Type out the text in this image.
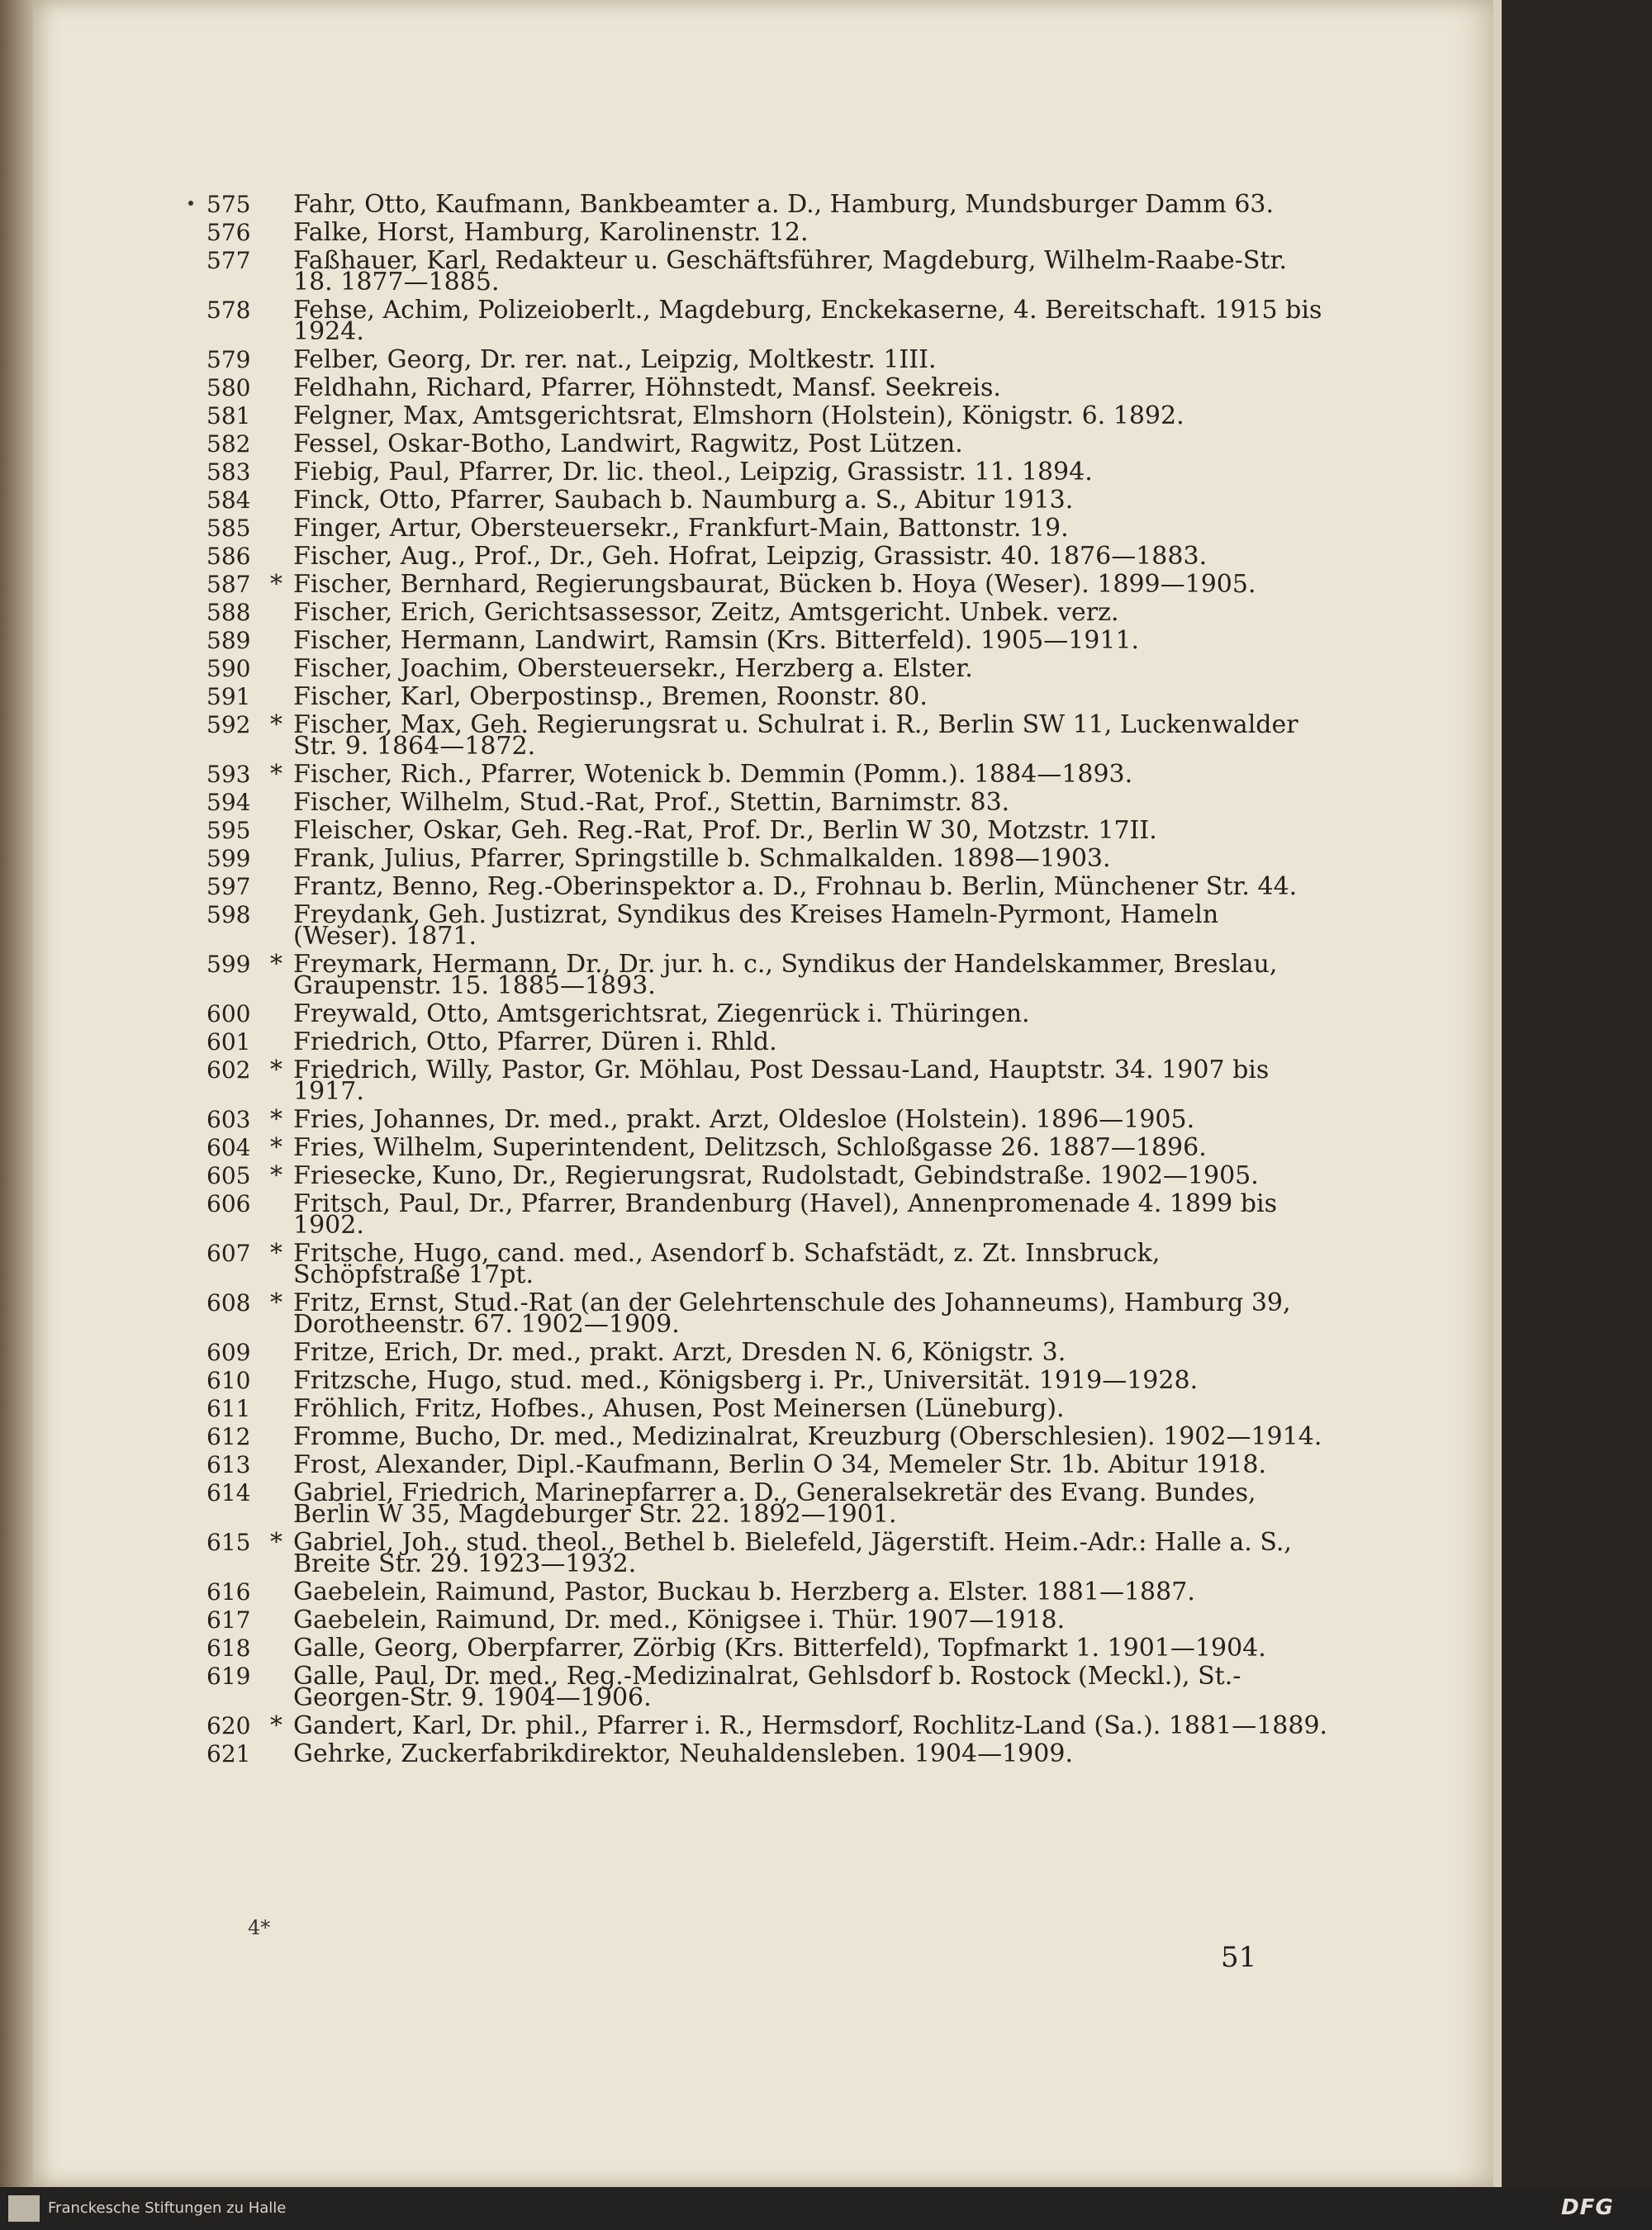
575	Fahr, Otto, Kaufmann, Bankbeamter a. D., Hamburg, Mundsburger Damm 63.
576	Falke, Horst, Hamburg, Karolinenstr. 12.
577	Faßhauer, Karl, Redakteur u. Geschäftsführer, Magdeburg, Wilhelm-Raabe-Str. 18. 1877—1885.
578	Fehse, Achim, Polizeioberlt., Magdeburg, Enckekaserne, 4. Bereitschaft. 1915 bis 1924.
579	Felber, Georg, Dr. rer. nat., Leipzig, Moltkestr. 1III.
580	Feldhahn, Richard, Pfarrer, Höhnstedt, Mansf. Seekreis.
581	Felgner, Max, Amtsgerichtsrat, Elmshorn (Holstein), Königstr. 6. 1892.
582	Fessel, Oskar-Botho, Landwirt, Ragwitz, Post Lützen.
583	Fiebig, Paul, Pfarrer, Dr. lic. theol., Leipzig, Grassistr. 11. 1894.
584	Finck, Otto, Pfarrer, Saubach b. Naumburg a. S., Abitur 1913.
585	Finger, Artur, Obersteuersekr., Frankfurt-Main, Battonstr. 19.
586	Fischer, Aug., Prof., Dr., Geh. Hofrat, Leipzig, Grassistr. 40. 1876—1883.
587 * Fischer, Bernhard, Regierungsbaurat, Bücken b. Hoya (Weser). 1899—1905.
588	Fischer, Erich, Gerichtsassessor, Zeitz, Amtsgericht. Unbek. verz.
589	Fischer, Hermann, Landwirt, Ramsin (Krs. Bitterfeld). 1905—1911.
590	Fischer, Joachim, Obersteuersekr., Herzberg a. Elster.
591	Fischer, Karl, Oberpostinsp., Bremen, Roonstr. 80.
592 * Fischer, Max, Geh. Regierungsrat u. Schulrat i. R., Berlin SW 11, Luckenwalder Str. 9. 1864—1872.
593 * Fischer, Rich., Pfarrer, Wotenick b. Demmin (Pomm.). 1884—1893.
594	Fischer, Wilhelm, Stud.-Rat, Prof., Stettin, Barnimstr. 83.
595	Fleischer, Oskar, Geh. Reg.-Rat, Prof. Dr., Berlin W 30, Motzstr. 17II.
599	Frank, Julius, Pfarrer, Springstille b. Schmalkalden. 1898—1903.
597	Frantz, Benno, Reg.-Oberinspektor a. D., Frohnau b. Berlin, Münchener Str. 44.
598	Freydank, Geh. Justizrat, Syndikus des Kreises Hameln-Pyrmont, Hameln (Weser). 1871.
599 * Freymark, Hermann, Dr., Dr. jur. h. c., Syndikus der Handelskammer, Breslau, Graupenstr. 15. 1885—1893.
600	Freywald, Otto, Amtsgerichtsrat, Ziegenrück i. Thüringen.
601	Friedrich, Otto, Pfarrer, Düren i. Rhld.
602 * Friedrich, Willy, Pastor, Gr. Möhlau, Post Dessau-Land, Hauptstr. 34. 1907 bis 1917.
603 * Fries, Johannes, Dr. med., prakt. Arzt, Oldesloe (Holstein). 1896—1905.
604 * Fries, Wilhelm, Superintendent, Delitzsch, Schloßgasse 26. 1887—1896.
605 * Friesecke, Kuno, Dr., Regierungsrat, Rudolstadt, Gebindstraße. 1902—1905.
606	Fritsch, Paul, Dr., Pfarrer, Brandenburg (Havel), Annenpromenade 4. 1899 bis 1902.
607 * Fritsche, Hugo, cand. med., Asendorf b. Schafstädt, z. Zt. Innsbruck, Schöpfstraße 17pt.
608 * Fritz, Ernst, Stud.-Rat (an der Gelehrtenschule des Johanneums), Hamburg 39, Dorotheenstr. 67. 1902—1909.
609	Fritze, Erich, Dr. med., prakt. Arzt, Dresden N. 6, Königstr. 3.
610	Fritzsche, Hugo, stud. med., Königsberg i. Pr., Universität. 1919—1928.
611	Fröhlich, Fritz, Hofbes., Ahusen, Post Meinersen (Lüneburg).
612	Fromme, Bucho, Dr. med., Medizinalrat, Kreuzburg (Oberschlesien). 1902—1914.
613	Frost, Alexander, Dipl.-Kaufmann, Berlin O 34, Memeler Str. 1b. Abitur 1918.
614	Gabriel, Friedrich, Marinepfarrer a. D., Generalsekretär des Evang. Bundes, Berlin W 35, Magdeburger Str. 22. 1892—1901.
615 * Gabriel, Joh., stud. theol., Bethel b. Bielefeld, Jägerstift. Heim.-Adr.: Halle a. S., Breite Str. 29. 1923—1932.
616	Gaebelein, Raimund, Pastor, Buckau b. Herzberg a. Elster. 1881—1887.
617	Gaebelein, Raimund, Dr. med., Königsee i. Thür. 1907—1918.
618	Galle, Georg, Oberpfarrer, Zörbig (Krs. Bitterfeld), Topfmarkt 1. 1901—1904.
619	Galle, Paul, Dr. med., Reg.-Medizinalrat, Gehlsdorf b. Rostock (Meckl.), St.-Georgen-Str. 9. 1904—1906.
620 * Gandert, Karl, Dr. phil., Pfarrer i. R., Hermsdorf, Rochlitz-Land (Sa.). 1881—1889.
621	Gehrke, Zuckerfabrikdirektor, Neuhaldensleben. 1904—1909.
4*
51
Franckesche Stiftungen zu Halle	DFG
